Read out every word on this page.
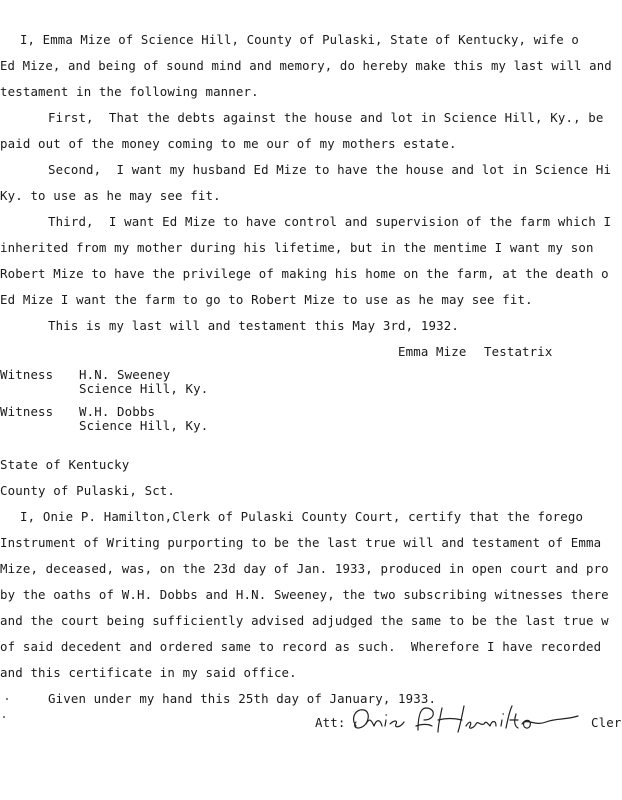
I, Emma Mize of Science Hill, County of Pulaski, State of Kentucky, wife o
Ed Mize, and being of sound mind and memory, do hereby make this my last will and
testament in the following manner.
First,  That the debts against the house and lot in Science Hill, Ky., be
paid out of the money coming to me our of my mothers estate.
Second,  I want my husband Ed Mize to have the house and lot in Science Hi
Ky. to use as he may see fit.
Third,  I want Ed Mize to have control and supervision of the farm which I
inherited from my mother during his lifetime, but in the mentime I want my son
Robert Mize to have the privilege of making his home on the farm, at the death o
Ed Mize I want the farm to go to Robert Mize to use as he may see fit.
This is my last will and testament this May 3rd, 1932.
Emma Mize Testatrix
Witness H.N. Sweeney
Science Hill, Ky.
Witness W.H. Dobbs
Science Hill, Ky.
State of Kentucky
County of Pulaski, Sct.
I, Onie P. Hamilton,Clerk of Pulaski County Court, certify that the forego
Instrument of Writing purporting to be the last true will and testament of Emma
Mize, deceased, was, on the 23d day of Jan. 1933, produced in open court and pro
by the oaths of W.H. Dobbs and H.N. Sweeney, the two subscribing witnesses there
and the court being sufficiently advised adjudged the same to be the last true w
of said decedent and ordered same to record as such.  Wherefore I have recorded
and this certificate in my said office.
Given under my hand this 25th day of January, 1933.
Att:	Cler
